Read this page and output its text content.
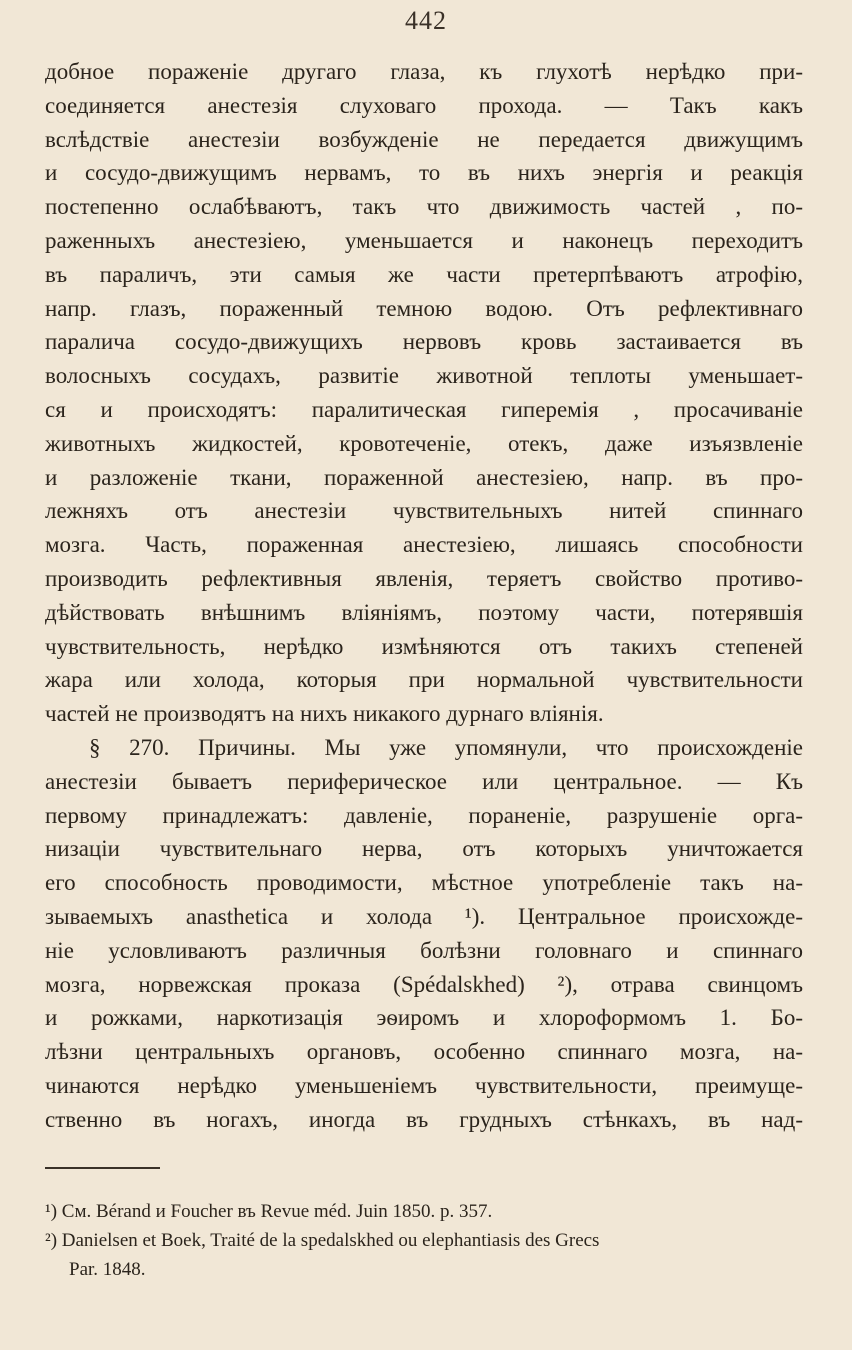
442
добное пораженіе другаго глаза, къ глухотѣ нерѣдко при-
соединяется анестезія слуховаго прохода. — Такъ какъ
вслѣдствіе анестезіи возбужденіе не передается движущимъ
и сосудо-движущимъ нервамъ, то въ нихъ энергія и реакція
постепенно ослабѣваютъ, такъ что движимость частей , по-
раженныхъ анестезіею, уменьшается и наконецъ переходитъ
въ параличъ, эти самыя же части претерпѣваютъ атрофію,
напр. глазъ, пораженный темною водою. Отъ рефлективнаго
паралича сосудо-движущихъ нервовъ кровь застаивается въ
волосныхъ сосудахъ, развитіе животной теплоты уменьшает-
ся и происходятъ: паралитическая гиперемія , просачиваніе
животныхъ жидкостей, кровотеченіе, отекъ, даже изъязвленіе
и разложеніе ткани, пораженной анестезіею, напр. въ про-
лежняхъ отъ анестезіи чувствительныхъ нитей спиннаго
мозга. Часть, пораженная анестезіею, лишаясь способности
производить рефлективныя явленія, теряетъ свойство противо-
дѣйствовать внѣшнимъ вліяніямъ, поэтому части, потерявшія
чувствительность, нерѣдко измѣняются отъ такихъ степеней
жара или холода, которыя при нормальной чувствительности
частей не производятъ на нихъ никакого дурнаго вліянія.
§ 270. Причины. Мы уже упомянули, что происхожденіе
анестезіи бываетъ периферическое или центральное. — Къ
первому принадлежатъ: давленіе, пораненіе, разрушеніе орга-
низаціи чувствительнаго нерва, отъ которыхъ уничтожается
его способность проводимости, мѣстное употребленіе такъ на-
зываемыхъ anasthetica и холода ¹). Центральное происхожде-
ніе условливаютъ различныя болѣзни головнаго и спиннаго
мозга, норвежская проказа (Spédalskhed) ²), отрава свинцомъ
и рожками, наркотизація эѳиромъ и хлороформомъ 1. Бо-
лѣзни центральныхъ органовъ, особенно спиннаго мозга, на-
чинаются нерѣдко уменьшеніемъ чувствительности, преимуще-
ственно въ ногахъ, иногда въ грудныхъ стѣнкахъ, въ над-
¹) См. Bérand и Foucher въ Revue méd. Juin 1850. p. 357.
²) Danielsen et Boek, Traité de la spedalskhed ou elephantiasis des Grecs
Par. 1848.
